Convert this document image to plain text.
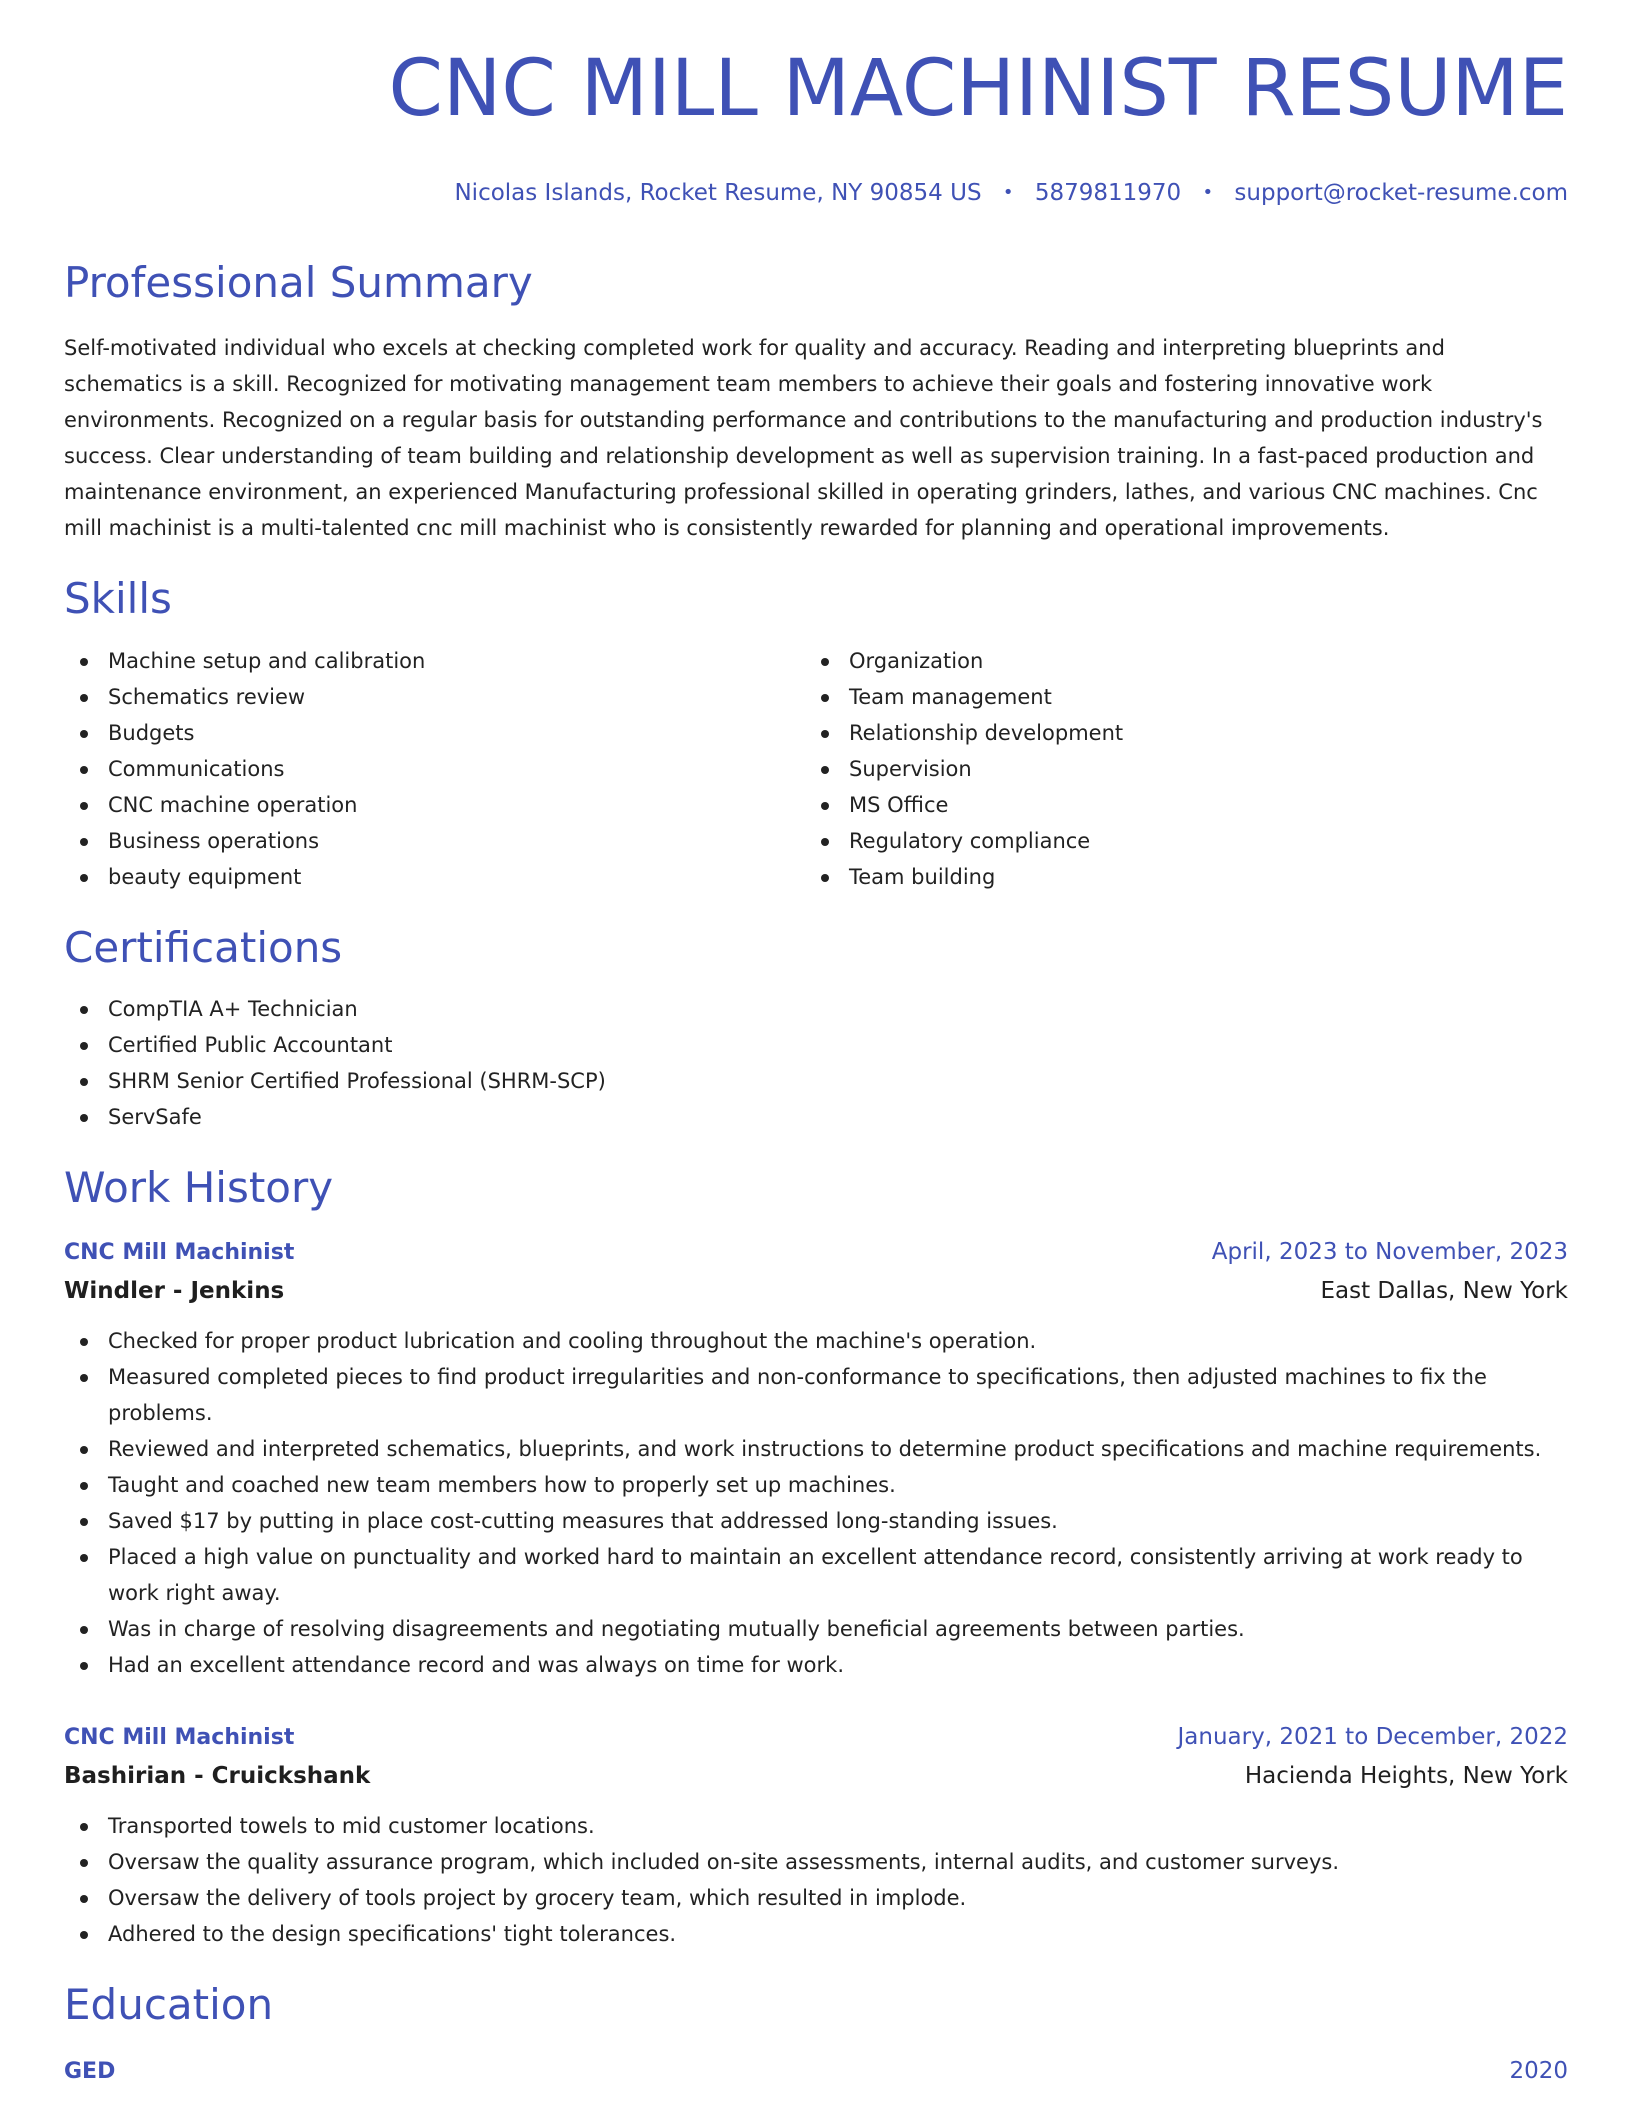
CNC MILL MACHINIST RESUME
Nicolas Islands, Rocket Resume, NY 90854 US • 5879811970 • support@rocket-resume.com
Professional Summary

Self-motivated individual who excels at checking completed work for quality and accuracy. Reading and interpreting blueprints and schematics is a skill. Recognized for motivating management team members to achieve their goals and fostering innovative work environments. Recognized on a regular basis for outstanding performance and contributions to the manufacturing and production industry's success. Clear understanding of team building and relationship development as well as supervision training. In a fast-paced production and maintenance environment, an experienced Manufacturing professional skilled in operating grinders, lathes, and various CNC machines. Cnc mill machinist is a multi-talented cnc mill machinist who is consistently rewarded for planning and operational improvements.

Skills
Machine setup and calibration
Schematics review
Budgets
Communications
CNC machine operation
Business operations
beauty equipment
Organization
Team management
Relationship development
Supervision
MS Office
Regulatory compliance
Team building
Certifications
CompTIA A+ Technician
Certified Public Accountant
SHRM Senior Certified Professional (SHRM-SCP)
ServSafe
Work History
CNC Mill Machinist	April, 2023 to November, 2023
Windler - Jenkins	East Dallas, New York
Checked for proper product lubrication and cooling throughout the machine's operation.
Measured completed pieces to find product irregularities and non-conformance to specifications, then adjusted machines to fix the problems.
Reviewed and interpreted schematics, blueprints, and work instructions to determine product specifications and machine requirements.
Taught and coached new team members how to properly set up machines.
Saved $17 by putting in place cost-cutting measures that addressed long-standing issues.
Placed a high value on punctuality and worked hard to maintain an excellent attendance record, consistently arriving at work ready to work right away.
Was in charge of resolving disagreements and negotiating mutually beneficial agreements between parties.
Had an excellent attendance record and was always on time for work.
CNC Mill Machinist	January, 2021 to December, 2022
Bashirian - Cruickshank	Hacienda Heights, New York
Transported towels to mid customer locations.
Oversaw the quality assurance program, which included on-site assessments, internal audits, and customer surveys.
Oversaw the delivery of tools project by grocery team, which resulted in implode.
Adhered to the design specifications' tight tolerances.
Education
GED	2020
